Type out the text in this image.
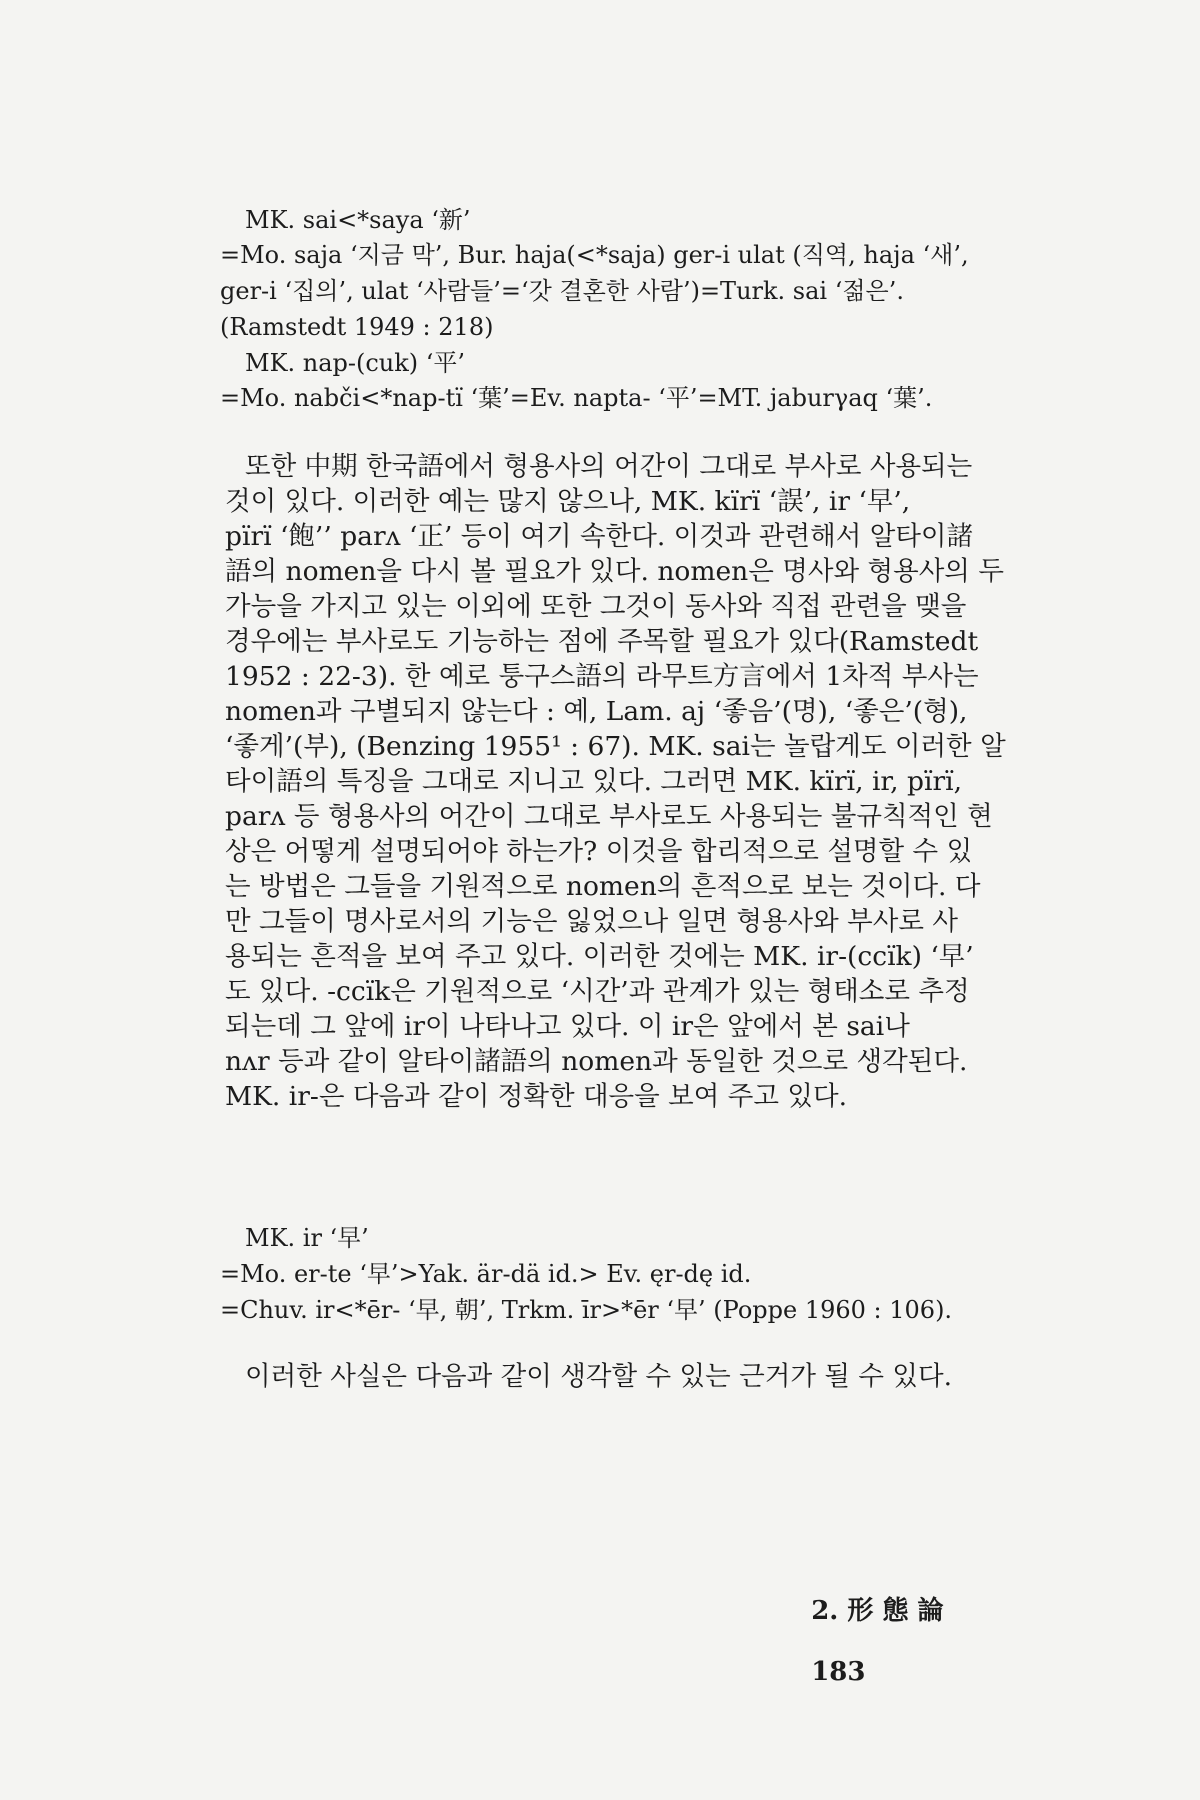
MK. sai<*saya ‘新’
=Mo. saja ‘지금 막’, Bur. haja(<*saja) ger-i ulat (직역, haja ‘새’,
ger-i ‘집의’, ulat ‘사람들’=‘갓 결혼한 사람’)=Turk. sai ‘젊은’.
(Ramstedt 1949 : 218)
MK. nap-(cuk) ‘平’
=Mo. nabči<*nap-tï ‘葉’=Ev. napta- ‘平’=MT. jaburγaq ‘葉’.
또한 中期 한국語에서 형용사의 어간이 그대로 부사로 사용되는
것이 있다. 이러한 예는 많지 않으나, MK. kïrï ‘誤’, ir ‘早’,
pïrï ‘飽’’ parʌ ‘正’ 등이 여기 속한다. 이것과 관련해서 알타이諸
語의 nomen을 다시 볼 필요가 있다. nomen은 명사와 형용사의 두
가능을 가지고 있는 이외에 또한 그것이 동사와 직접 관련을 맺을
경우에는 부사로도 기능하는 점에 주목할 필요가 있다(Ramstedt
1952 : 22-3). 한 예로 퉁구스語의 라무트方言에서 1차적 부사는
nomen과 구별되지 않는다 : 예, Lam. aj ‘좋음’(명), ‘좋은’(형),
‘좋게’(부), (Benzing 1955¹ : 67). MK. sai는 놀랍게도 이러한 알
타이語의 특징을 그대로 지니고 있다. 그러면 MK. kïrï, ir, pïrï,
parʌ 등 형용사의 어간이 그대로 부사로도 사용되는 불규칙적인 현
상은 어떻게 설명되어야 하는가? 이것을 합리적으로 설명할 수 있
는 방법은 그들을 기원적으로 nomen의 흔적으로 보는 것이다. 다
만 그들이 명사로서의 기능은 잃었으나 일면 형용사와 부사로 사
용되는 흔적을 보여 주고 있다. 이러한 것에는 MK. ir-(ccïk) ‘早’
도 있다. -ccïk은 기원적으로 ‘시간’과 관계가 있는 형태소로 추정
되는데 그 앞에 ir이 나타나고 있다. 이 ir은 앞에서 본 sai나
nʌr 등과 같이 알타이諸語의 nomen과 동일한 것으로 생각된다.
MK. ir-은 다음과 같이 정확한 대응을 보여 주고 있다.
MK. ir ‘早’
=Mo. er-te ‘早’>Yak. är-dä id.> Ev. ęr-dę id.
=Chuv. ir<*ēr- ‘早, 朝’, Trkm. īr>*ēr ‘早’ (Poppe 1960 : 106).
이러한 사실은 다음과 같이 생각할 수 있는 근거가 될 수 있다.

2. 形 態 論

183
